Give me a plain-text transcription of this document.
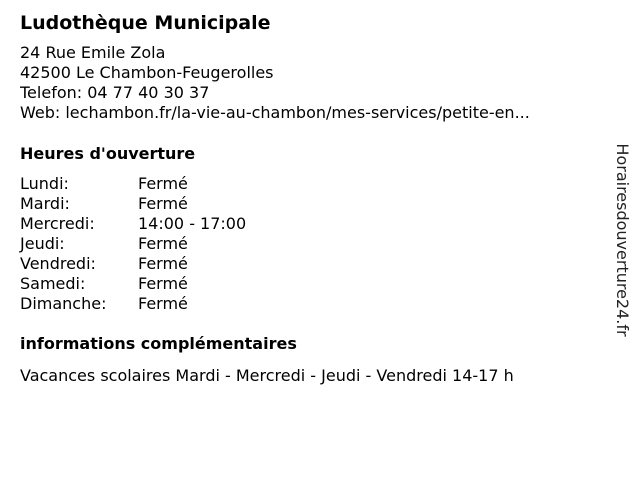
Ludothèque Municipale
24 Rue Emile Zola
42500 Le Chambon-Feugerolles
Telefon: 04 77 40 30 37
Web: lechambon.fr/la-vie-au-chambon/mes-services/petite-en...
Heures d'ouverture
Lundi:	Fermé
Mardi:	Fermé
Mercredi:	14:00 - 17:00
Jeudi:	Fermé
Vendredi:	Fermé
Samedi:	Fermé
Dimanche:	Fermé
informations complémentaires
Vacances scolaires Mardi - Mercredi - Jeudi - Vendredi 14-17 h
Horairesdouverture24.fr
